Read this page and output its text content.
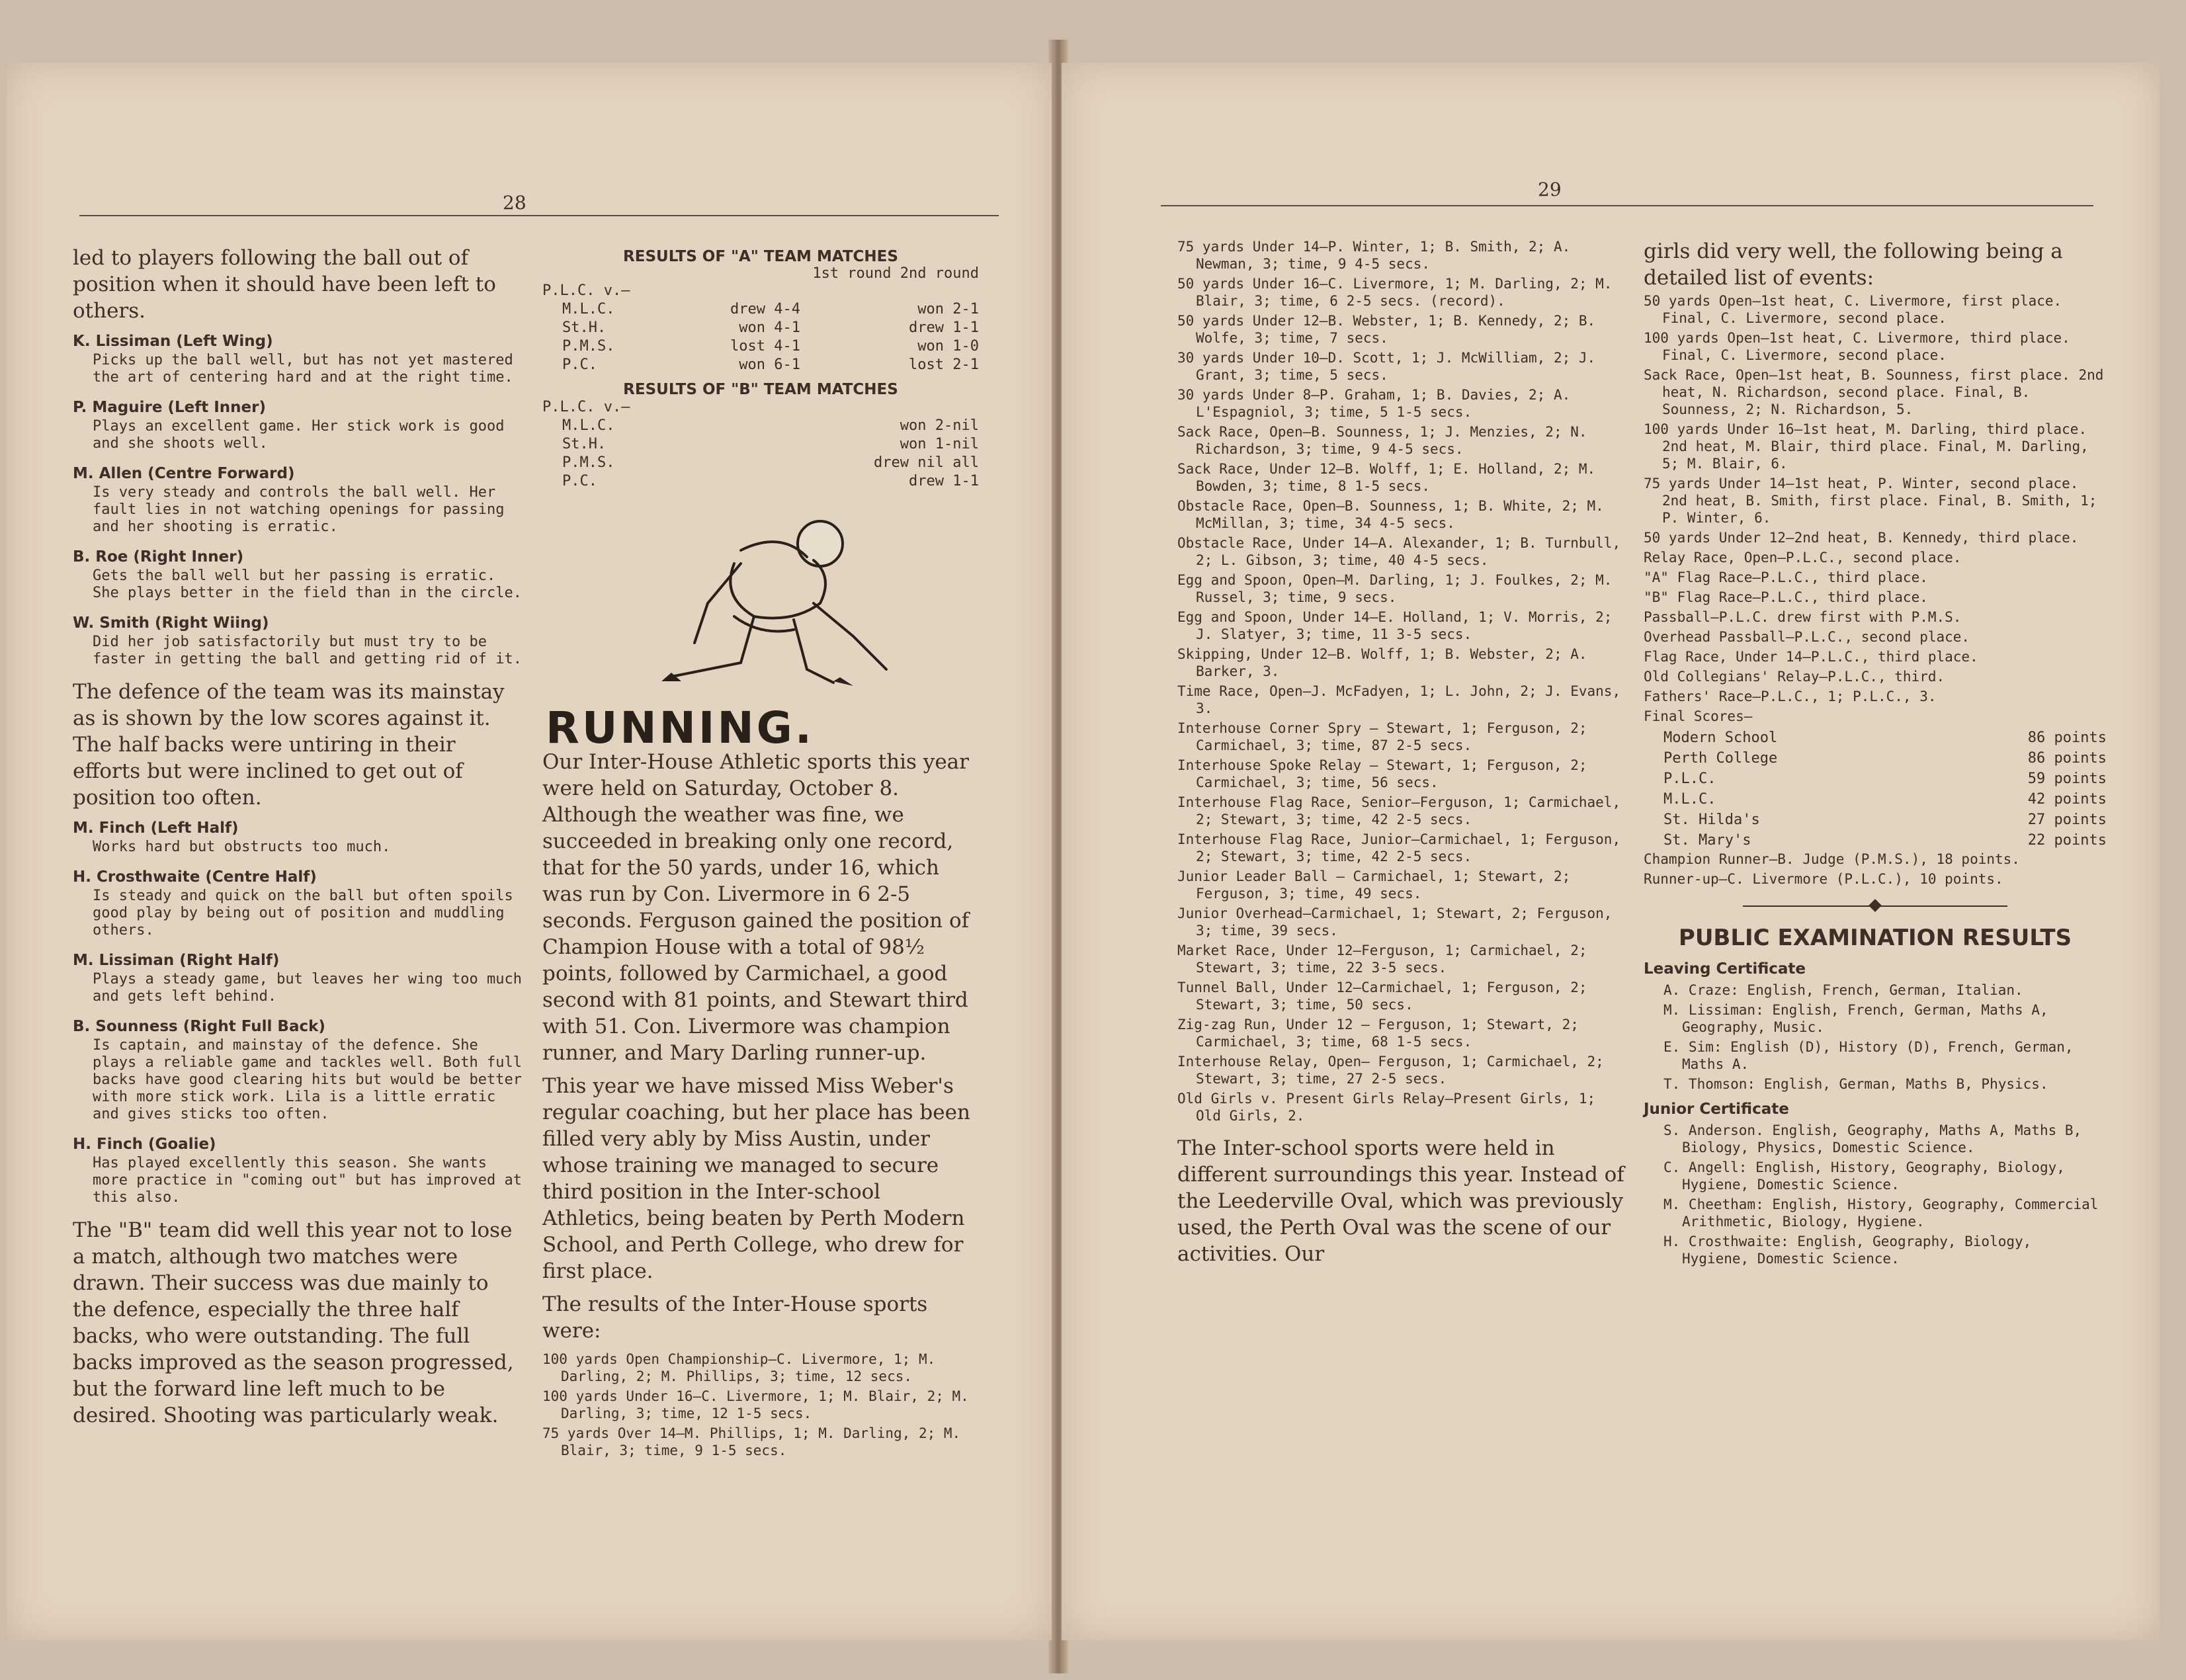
28

led to players following the ball out of position when it should have been left to others.

K. Lissiman (Left Wing)

Picks up the ball well, but has not yet mastered the art of centering hard and at the right time.

P. Maguire (Left Inner)

Plays an excellent game. Her stick work is good and she shoots well.

M. Allen (Centre Forward)

Is very steady and controls the ball well. Her fault lies in not watching openings for passing and her shooting is erratic.

B. Roe (Right Inner)

Gets the ball well but her passing is erratic. She plays better in the field than in the circle.

W. Smith (Right Wiing)

Did her job satisfactorily but must try to be faster in getting the ball and getting rid of it.

The defence of the team was its mainstay as is shown by the low scores against it. The half backs were untiring in their efforts but were inclined to get out of position too often.

M. Finch (Left Half)

Works hard but obstructs too much.

H. Crosthwaite (Centre Half)

Is steady and quick on the ball but often spoils good play by being out of position and muddling others.

M. Lissiman (Right Half)

Plays a steady game, but leaves her wing too much and gets left behind.

B. Sounness (Right Full Back)

Is captain, and mainstay of the defence. She plays a reliable game and tackles well. Both full backs have good clearing hits but would be better with more stick work. Lila is a little erratic and gives sticks too often.

H. Finch (Goalie)

Has played excellently this season. She wants more practice in "coming out" but has improved at this also.

The "B" team did well this year not to lose a match, although two matches were drawn. Their success was due mainly to the defence, especially the three half backs, who were outstanding. The full backs improved as the season progressed, but the forward line left much to be desired. Shooting was particularly weak.

RESULTS OF "A" TEAM MATCHES

1st round 2nd round

P.L.C. v.—

M.L.C.	drew 4-4	won 2-1
St.H.	won 4-1	drew 1-1
P.M.S.	lost 4-1	won 1-0
P.C.	won 6-1	lost 2-1

RESULTS OF "B" TEAM MATCHES

P.L.C. v.—

M.L.C.	won 2-nil
St.H.	won 1-nil
P.M.S.	drew nil all
P.C.	drew 1-1

RUNNING.

Our Inter-House Athletic sports this year were held on Saturday, October 8. Although the weather was fine, we succeeded in breaking only one record, that for the 50 yards, under 16, which was run by Con. Livermore in 6 2-5 seconds. Ferguson gained the position of Champion House with a total of 98½ points, followed by Carmichael, a good second with 81 points, and Stewart third with 51. Con. Livermore was champion runner, and Mary Darling runner-up.

This year we have missed Miss Weber's regular coaching, but her place has been filled very ably by Miss Austin, under whose training we managed to secure third position in the Inter-school Athletics, being beaten by Perth Modern School, and Perth College, who drew for first place.

The results of the Inter-House sports were:

100 yards Open Championship—C. Livermore, 1; M. Darling, 2; M. Phillips, 3; time, 12 secs.

100 yards Under 16—C. Livermore, 1; M. Blair, 2; M. Darling, 3; time, 12 1-5 secs.

75 yards Over 14—M. Phillips, 1; M. Darling, 2; M. Blair, 3; time, 9 1-5 secs.

29

75 yards Under 14—P. Winter, 1; B. Smith, 2; A. Newman, 3; time, 9 4-5 secs.

50 yards Under 16—C. Livermore, 1; M. Darling, 2; M. Blair, 3; time, 6 2-5 secs. (record).

50 yards Under 12—B. Webster, 1; B. Kennedy, 2; B. Wolfe, 3; time, 7 secs.

30 yards Under 10—D. Scott, 1; J. McWilliam, 2; J. Grant, 3; time, 5 secs.

30 yards Under 8—P. Graham, 1; B. Davies, 2; A. L'Espagniol, 3; time, 5 1-5 secs.

Sack Race, Open—B. Sounness, 1; J. Menzies, 2; N. Richardson, 3; time, 9 4-5 secs.

Sack Race, Under 12—B. Wolff, 1; E. Holland, 2; M. Bowden, 3; time, 8 1-5 secs.

Obstacle Race, Open—B. Sounness, 1; B. White, 2; M. McMillan, 3; time, 34 4-5 secs.

Obstacle Race, Under 14—A. Alexander, 1; B. Turnbull, 2; L. Gibson, 3; time, 40 4-5 secs.

Egg and Spoon, Open—M. Darling, 1; J. Foulkes, 2; M. Russel, 3; time, 9 secs.

Egg and Spoon, Under 14—E. Holland, 1; V. Morris, 2; J. Slatyer, 3; time, 11 3-5 secs.

Skipping, Under 12—B. Wolff, 1; B. Webster, 2; A. Barker, 3.

Time Race, Open—J. McFadyen, 1; L. John, 2; J. Evans, 3.

Interhouse Corner Spry — Stewart, 1; Ferguson, 2; Carmichael, 3; time, 87 2-5 secs.

Interhouse Spoke Relay — Stewart, 1; Ferguson, 2; Carmichael, 3; time, 56 secs.

Interhouse Flag Race, Senior—Ferguson, 1; Carmichael, 2; Stewart, 3; time, 42 2-5 secs.

Interhouse Flag Race, Junior—Carmichael, 1; Ferguson, 2; Stewart, 3; time, 42 2-5 secs.

Junior Leader Ball — Carmichael, 1; Stewart, 2; Ferguson, 3; time, 49 secs.

Junior Overhead—Carmichael, 1; Stewart, 2; Ferguson, 3; time, 39 secs.

Market Race, Under 12—Ferguson, 1; Carmichael, 2; Stewart, 3; time, 22 3-5 secs.

Tunnel Ball, Under 12—Carmichael, 1; Ferguson, 2; Stewart, 3; time, 50 secs.

Zig-zag Run, Under 12 — Ferguson, 1; Stewart, 2; Carmichael, 3; time, 68 1-5 secs.

Interhouse Relay, Open— Ferguson, 1; Carmichael, 2; Stewart, 3; time, 27 2-5 secs.

Old Girls v. Present Girls Relay—Present Girls, 1; Old Girls, 2.

The Inter-school sports were held in different surroundings this year. Instead of the Leederville Oval, which was previously used, the Perth Oval was the scene of our activities. Our

girls did very well, the following being a detailed list of events:

50 yards Open—1st heat, C. Livermore, first place. Final, C. Livermore, second place.

100 yards Open—1st heat, C. Livermore, third place. Final, C. Livermore, second place.

Sack Race, Open—1st heat, B. Sounness, first place. 2nd heat, N. Richardson, second place. Final, B. Sounness, 2; N. Richardson, 5.

100 yards Under 16—1st heat, M. Darling, third place. 2nd heat, M. Blair, third place. Final, M. Darling, 5; M. Blair, 6.

75 yards Under 14—1st heat, P. Winter, second place. 2nd heat, B. Smith, first place. Final, B. Smith, 1; P. Winter, 6.

50 yards Under 12—2nd heat, B. Kennedy, third place.

Relay Race, Open—P.L.C., second place.

"A" Flag Race—P.L.C., third place.

"B" Flag Race—P.L.C., third place.

Passball—P.L.C. drew first with P.M.S.

Overhead Passball—P.L.C., second place.

Flag Race, Under 14—P.L.C., third place.

Old Collegians' Relay—P.L.C., third.

Fathers' Race—P.L.C., 1; P.L.C., 3.

Final Scores—

Modern School	86 points
Perth College	86 points
P.L.C.	59 points
M.L.C.	42 points
St. Hilda's	27 points
St. Mary's	22 points

Champion Runner—B. Judge (P.M.S.), 18 points.

Runner-up—C. Livermore (P.L.C.), 10 points.

PUBLIC EXAMINATION RESULTS

Leaving Certificate

A. Craze: English, French, German, Italian.

M. Lissiman: English, French, German, Maths A, Geography, Music.

E. Sim: English (D), History (D), French, German, Maths A.

T. Thomson: English, German, Maths B, Physics.

Junior Certificate

S. Anderson. English, Geography, Maths A, Maths B, Biology, Physics, Domestic Science.

C. Angell: English, History, Geography, Biology, Hygiene, Domestic Science.

M. Cheetham: English, History, Geography, Commercial Arithmetic, Biology, Hygiene.

H. Crosthwaite: English, Geography, Biology, Hygiene, Domestic Science.
